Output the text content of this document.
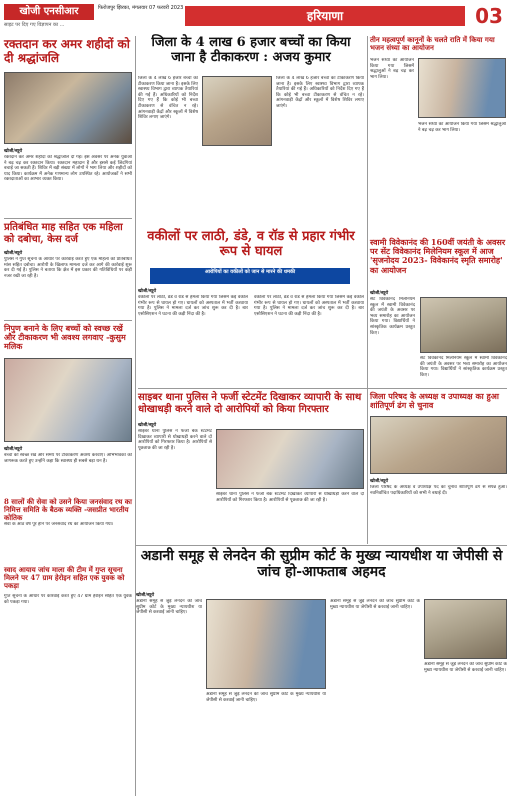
खोजी एनसीआर	फिरोजपुर झिरका, मंगलवार 07 फरवरी 2023
साइट पर दिए गए विज्ञापन का ...
हरियाणा	03
रक्तदान कर अमर शहीदों को दी श्रद्धांजलि
खोजी/ब्यूरो
रक्तदान कर अमर शहीदों को श्रद्धांजलि दी गई। इस अवसर पर अनेक युवाओं ने बढ़ चढ़ कर रक्तदान किया। रक्तदान महादान है और इससे कई जिंदगियां बचाई जा सकती हैं। शिविर में बड़ी संख्या में लोगों ने भाग लिया और शहीदों को याद किया। कार्यक्रम में अनेक गणमान्य लोग उपस्थित रहे। आयोजकों ने सभी रक्तदाताओं का आभार व्यक्त किया।
प्रतिबंधित माह सहित एक महिला को दबोचा, केस दर्ज
खोजी/ब्यूरो
पुलिस ने गुप्त सूचना के आधार पर कार्रवाई करते हुए एक महिला को प्रतिबंधित मांस सहित दबोचा। आरोपी के खिलाफ मामला दर्ज कर आगे की कार्रवाई शुरू कर दी गई है। पुलिस ने बताया कि क्षेत्र में इस प्रकार की गतिविधियों पर कड़ी नजर रखी जा रही है।
निपुण बनाने के लिए बच्चों को स्वच्छ रखें और टीकाकरण भी अवश्य लगवाए -कुसुम मलिक
खोजी/ब्यूरो
बच्चों को स्वच्छ रखें और समय पर टीकाकरण अवश्य करवाएं। अभिभावकों को जागरूक करते हुए उन्होंने कहा कि स्वास्थ्य ही सबसे बड़ा धन है।
जिला के 4 लाख 6 हजार बच्चों का किया जाना है टीकाकरण : अजय कुमार
जिला के 4 लाख 6 हजार बच्चों का टीकाकरण किया जाना है। इसके लिए स्वास्थ्य विभाग द्वारा व्यापक तैयारियां की गई हैं। अधिकारियों को निर्देश दिए गए हैं कि कोई भी बच्चा टीकाकरण से वंचित न रहे। आंगनवाड़ी केंद्रों और स्कूलों में विशेष शिविर लगाए जाएंगे।
जिला के 4 लाख 6 हजार बच्चों का टीकाकरण किया जाना है। इसके लिए स्वास्थ्य विभाग द्वारा व्यापक तैयारियां की गई हैं। अधिकारियों को निर्देश दिए गए हैं कि कोई भी बच्चा टीकाकरण से वंचित न रहे। आंगनवाड़ी केंद्रों और स्कूलों में विशेष शिविर लगाए जाएंगे।
वकीलों पर लाठी, डंडे, व रॉड से प्रहार गंभीर रूप से घायल
आरोपियों का वकीलों को जान से मारने की धमकी
खोजी/ब्यूरो
वकीलों पर लाठी, डंडे व रॉड से हमला किया गया जिसमें कई वकील गंभीर रूप से घायल हो गए। घायलों को अस्पताल में भर्ती करवाया गया है। पुलिस ने मामला दर्ज कर जांच शुरू कर दी है। बार एसोसिएशन ने घटना की कड़ी निंदा की है।
वकीलों पर लाठी, डंडे व रॉड से हमला किया गया जिसमें कई वकील गंभीर रूप से घायल हो गए। घायलों को अस्पताल में भर्ती करवाया गया है। पुलिस ने मामला दर्ज कर जांच शुरू कर दी है। बार एसोसिएशन ने घटना की कड़ी निंदा की है।
तीन महत्वपूर्ण कानूनों के चलते राति में किया गया भजन संध्या का आयोजन
भजन संध्या का आयोजन किया गया जिसमें श्रद्धालुओं ने बढ़ चढ़ कर भाग लिया।
भजन संध्या का आयोजन किया गया जिसमें श्रद्धालुओं ने बढ़ चढ़ कर भाग लिया।
स्वामी विवेकानंद की 160वीं जयंती के अवसर पर सेंट विवेकानंद मिलेनियम स्कूल में आज 'सृजनोदय 2023- विवेकानंद स्मृति समारोह' का आयोजन
खोजी/ब्यूरो
सेंट विवेकानंद मिलेनियम स्कूल में स्वामी विवेकानंद की जयंती के अवसर पर भव्य समारोह का आयोजन किया गया। विद्यार्थियों ने सांस्कृतिक कार्यक्रम प्रस्तुत किए।
सेंट विवेकानंद मिलेनियम स्कूल में स्वामी विवेकानंद की जयंती के अवसर पर भव्य समारोह का आयोजन किया गया। विद्यार्थियों ने सांस्कृतिक कार्यक्रम प्रस्तुत किए।
साइबर थाना पुलिस ने फर्जी स्टेटमेंट दिखाकर व्यापारी के साथ धोखाधड़ी करने वाले दो आरोपियों को किया गिरफ्तार
खोजी/ब्यूरो
साइबर थाना पुलिस ने फर्जी बैंक स्टेटमेंट दिखाकर व्यापारी से धोखाधड़ी करने वाले दो आरोपियों को गिरफ्तार किया है। आरोपियों से पूछताछ की जा रही है।
साइबर थाना पुलिस ने फर्जी बैंक स्टेटमेंट दिखाकर व्यापारी से धोखाधड़ी करने वाले दो आरोपियों को गिरफ्तार किया है। आरोपियों से पूछताछ की जा रही है।
जिला परिषद के अध्यक्ष व उपाध्यक्ष का हुआ शांतिपूर्ण ढंग से चुनाव
खोजी/ब्यूरो
जिला परिषद के अध्यक्ष व उपाध्यक्ष पद का चुनाव शांतिपूर्ण ढंग से संपन्न हुआ। नवनिर्वाचित पदाधिकारियों को सभी ने बधाई दी।
8 सालों की सेवा को उसने किया जनसंवाद रथ का निमित्त समिति के बैठक व्यक्ति -जसप्रीत भारतीय कोतिक
सेवा के आठ वर्ष पूरे होने पर जनसंवाद रथ का आयोजन किया गया।
स्वाद आयाय जांच माला की टीम में गुप्त सूचना मिलने पर 47 ग्राम हेरोइन सहित एक युवक को पकड़ा
गुप्त सूचना के आधार पर कार्रवाई करते हुए 47 ग्राम हेरोइन सहित एक युवक को पकड़ा गया।
अडानी समूह से लेनदेन की सुप्रीम कोर्ट के मुख्य न्यायधीश या जेपीसी से जांच हो-आफताब अहमद
खोजी/ब्यूरो
अडानी समूह से जुड़े लेनदेन की जांच सुप्रीम कोर्ट के मुख्य न्यायधीश या जेपीसी से करवाई जानी चाहिए।
अडानी समूह से जुड़े लेनदेन की जांच सुप्रीम कोर्ट के मुख्य न्यायधीश या जेपीसी से करवाई जानी चाहिए।
अडानी समूह से जुड़े लेनदेन की जांच सुप्रीम कोर्ट के मुख्य न्यायधीश या जेपीसी से करवाई जानी चाहिए।
अडानी समूह से जुड़े लेनदेन की जांच सुप्रीम कोर्ट के मुख्य न्यायधीश या जेपीसी से करवाई जानी चाहिए।
